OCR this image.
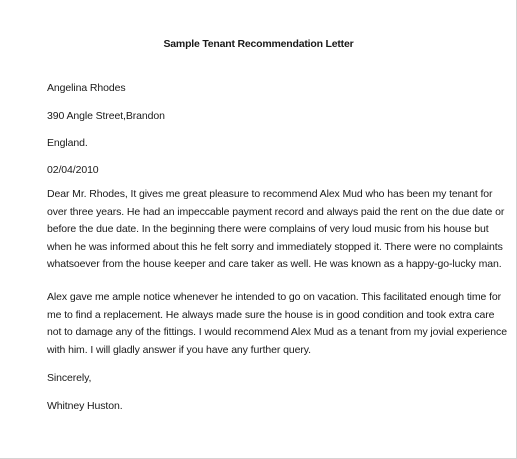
Sample Tenant Recommendation Letter
Angelina Rhodes
390 Angle Street,Brandon
England.
02/04/2010
Dear Mr. Rhodes, It gives me great pleasure to recommend Alex Mud who has been my tenant for
over three years. He had an impeccable payment record and always paid the rent on the due date or
before the due date. In the beginning there were complains of very loud music from his house but
when he was informed about this he felt sorry and immediately stopped it. There were no complaints
whatsoever from the house keeper and care taker as well. He was known as a happy-go-lucky man.
Alex gave me ample notice whenever he intended to go on vacation. This facilitated enough time for
me to find a replacement. He always made sure the house is in good condition and took extra care
not to damage any of the fittings. I would recommend Alex Mud as a tenant from my jovial experience
with him. I will gladly answer if you have any further query.
Sincerely,
Whitney Huston.
